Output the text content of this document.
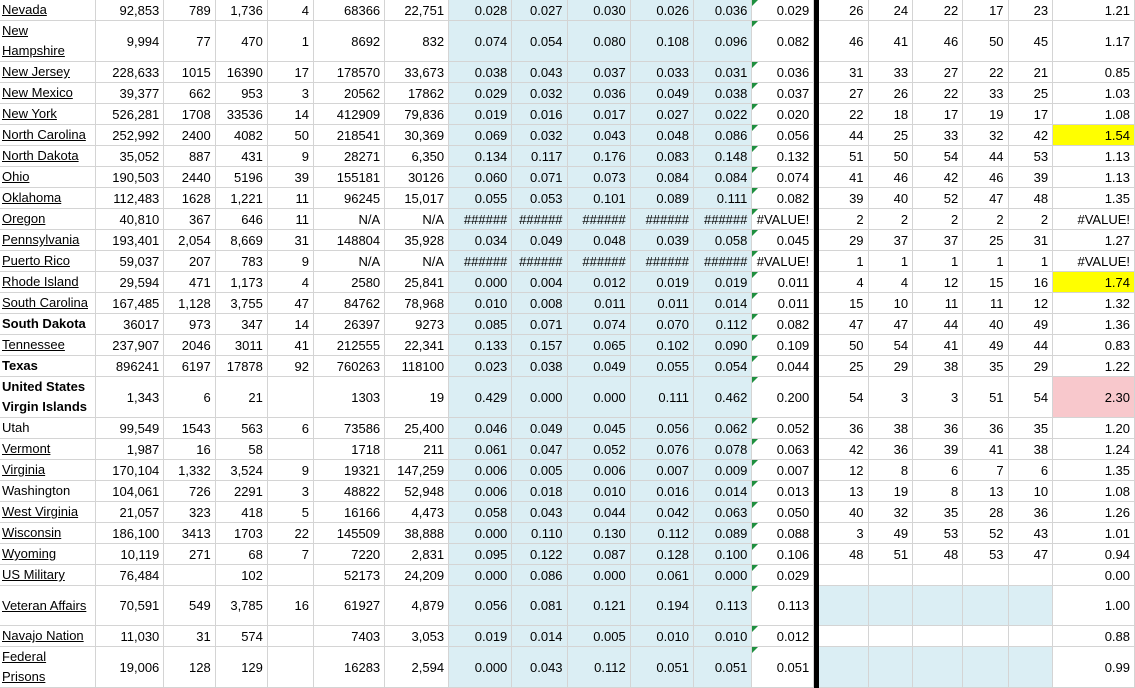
Nevada	92,853	789	1,736	4	68366	22,751	0.028	0.027	0.030	0.026	0.036	0.029		26	24	22	17	23	1.21
New Hampshire	9,994	77	470	1	8692	832	0.074	0.054	0.080	0.108	0.096	0.082		46	41	46	50	45	1.17
New Jersey	228,633	1015	16390	17	178570	33,673	0.038	0.043	0.037	0.033	0.031	0.036		31	33	27	22	21	0.85
New Mexico	39,377	662	953	3	20562	17862	0.029	0.032	0.036	0.049	0.038	0.037		27	26	22	33	25	1.03
New York	526,281	1708	33536	14	412909	79,836	0.019	0.016	0.017	0.027	0.022	0.020		22	18	17	19	17	1.08
North Carolina	252,992	2400	4082	50	218541	30,369	0.069	0.032	0.043	0.048	0.086	0.056		44	25	33	32	42	1.54
North Dakota	35,052	887	431	9	28271	6,350	0.134	0.117	0.176	0.083	0.148	0.132		51	50	54	44	53	1.13
Ohio	190,503	2440	5196	39	155181	30126	0.060	0.071	0.073	0.084	0.084	0.074		41	46	42	46	39	1.13
Oklahoma	112,483	1628	1,221	11	96245	15,017	0.055	0.053	0.101	0.089	0.111	0.082		39	40	52	47	48	1.35
Oregon	40,810	367	646	11	N/A	N/A	######	######	######	######	######	#VALUE!		2	2	2	2	2	#VALUE!
Pennsylvania	193,401	2,054	8,669	31	148804	35,928	0.034	0.049	0.048	0.039	0.058	0.045		29	37	37	25	31	1.27
Puerto Rico	59,037	207	783	9	N/A	N/A	######	######	######	######	######	#VALUE!		1	1	1	1	1	#VALUE!
Rhode Island	29,594	471	1,173	4	2580	25,841	0.000	0.004	0.012	0.019	0.019	0.011		4	4	12	15	16	1.74
South Carolina	167,485	1,128	3,755	47	84762	78,968	0.010	0.008	0.011	0.011	0.014	0.011		15	10	11	11	12	1.32
South Dakota	36017	973	347	14	26397	9273	0.085	0.071	0.074	0.070	0.112	0.082		47	47	44	40	49	1.36
Tennessee	237,907	2046	3011	41	212555	22,341	0.133	0.157	0.065	0.102	0.090	0.109		50	54	41	49	44	0.83
Texas	896241	6197	17878	92	760263	118100	0.023	0.038	0.049	0.055	0.054	0.044		25	29	38	35	29	1.22
United States Virgin Islands	1,343	6	21		1303	19	0.429	0.000	0.000	0.111	0.462	0.200		54	3	3	51	54	2.30
Utah	99,549	1543	563	6	73586	25,400	0.046	0.049	0.045	0.056	0.062	0.052		36	38	36	36	35	1.20
Vermont	1,987	16	58		1718	211	0.061	0.047	0.052	0.076	0.078	0.063		42	36	39	41	38	1.24
Virginia	170,104	1,332	3,524	9	19321	147,259	0.006	0.005	0.006	0.007	0.009	0.007		12	8	6	7	6	1.35
Washington	104,061	726	2291	3	48822	52,948	0.006	0.018	0.010	0.016	0.014	0.013		13	19	8	13	10	1.08
West Virginia	21,057	323	418	5	16166	4,473	0.058	0.043	0.044	0.042	0.063	0.050		40	32	35	28	36	1.26
Wisconsin	186,100	3413	1703	22	145509	38,888	0.000	0.110	0.130	0.112	0.089	0.088		3	49	53	52	43	1.01
Wyoming	10,119	271	68	7	7220	2,831	0.095	0.122	0.087	0.128	0.100	0.106		48	51	48	53	47	0.94
US Military	76,484		102		52173	24,209	0.000	0.086	0.000	0.061	0.000	0.029							0.00
Veteran Affairs	70,591	549	3,785	16	61927	4,879	0.056	0.081	0.121	0.194	0.113	0.113							1.00
Navajo Nation	11,030	31	574		7403	3,053	0.019	0.014	0.005	0.010	0.010	0.012							0.88
Federal Prisons	19,006	128	129		16283	2,594	0.000	0.043	0.112	0.051	0.051	0.051							0.99
